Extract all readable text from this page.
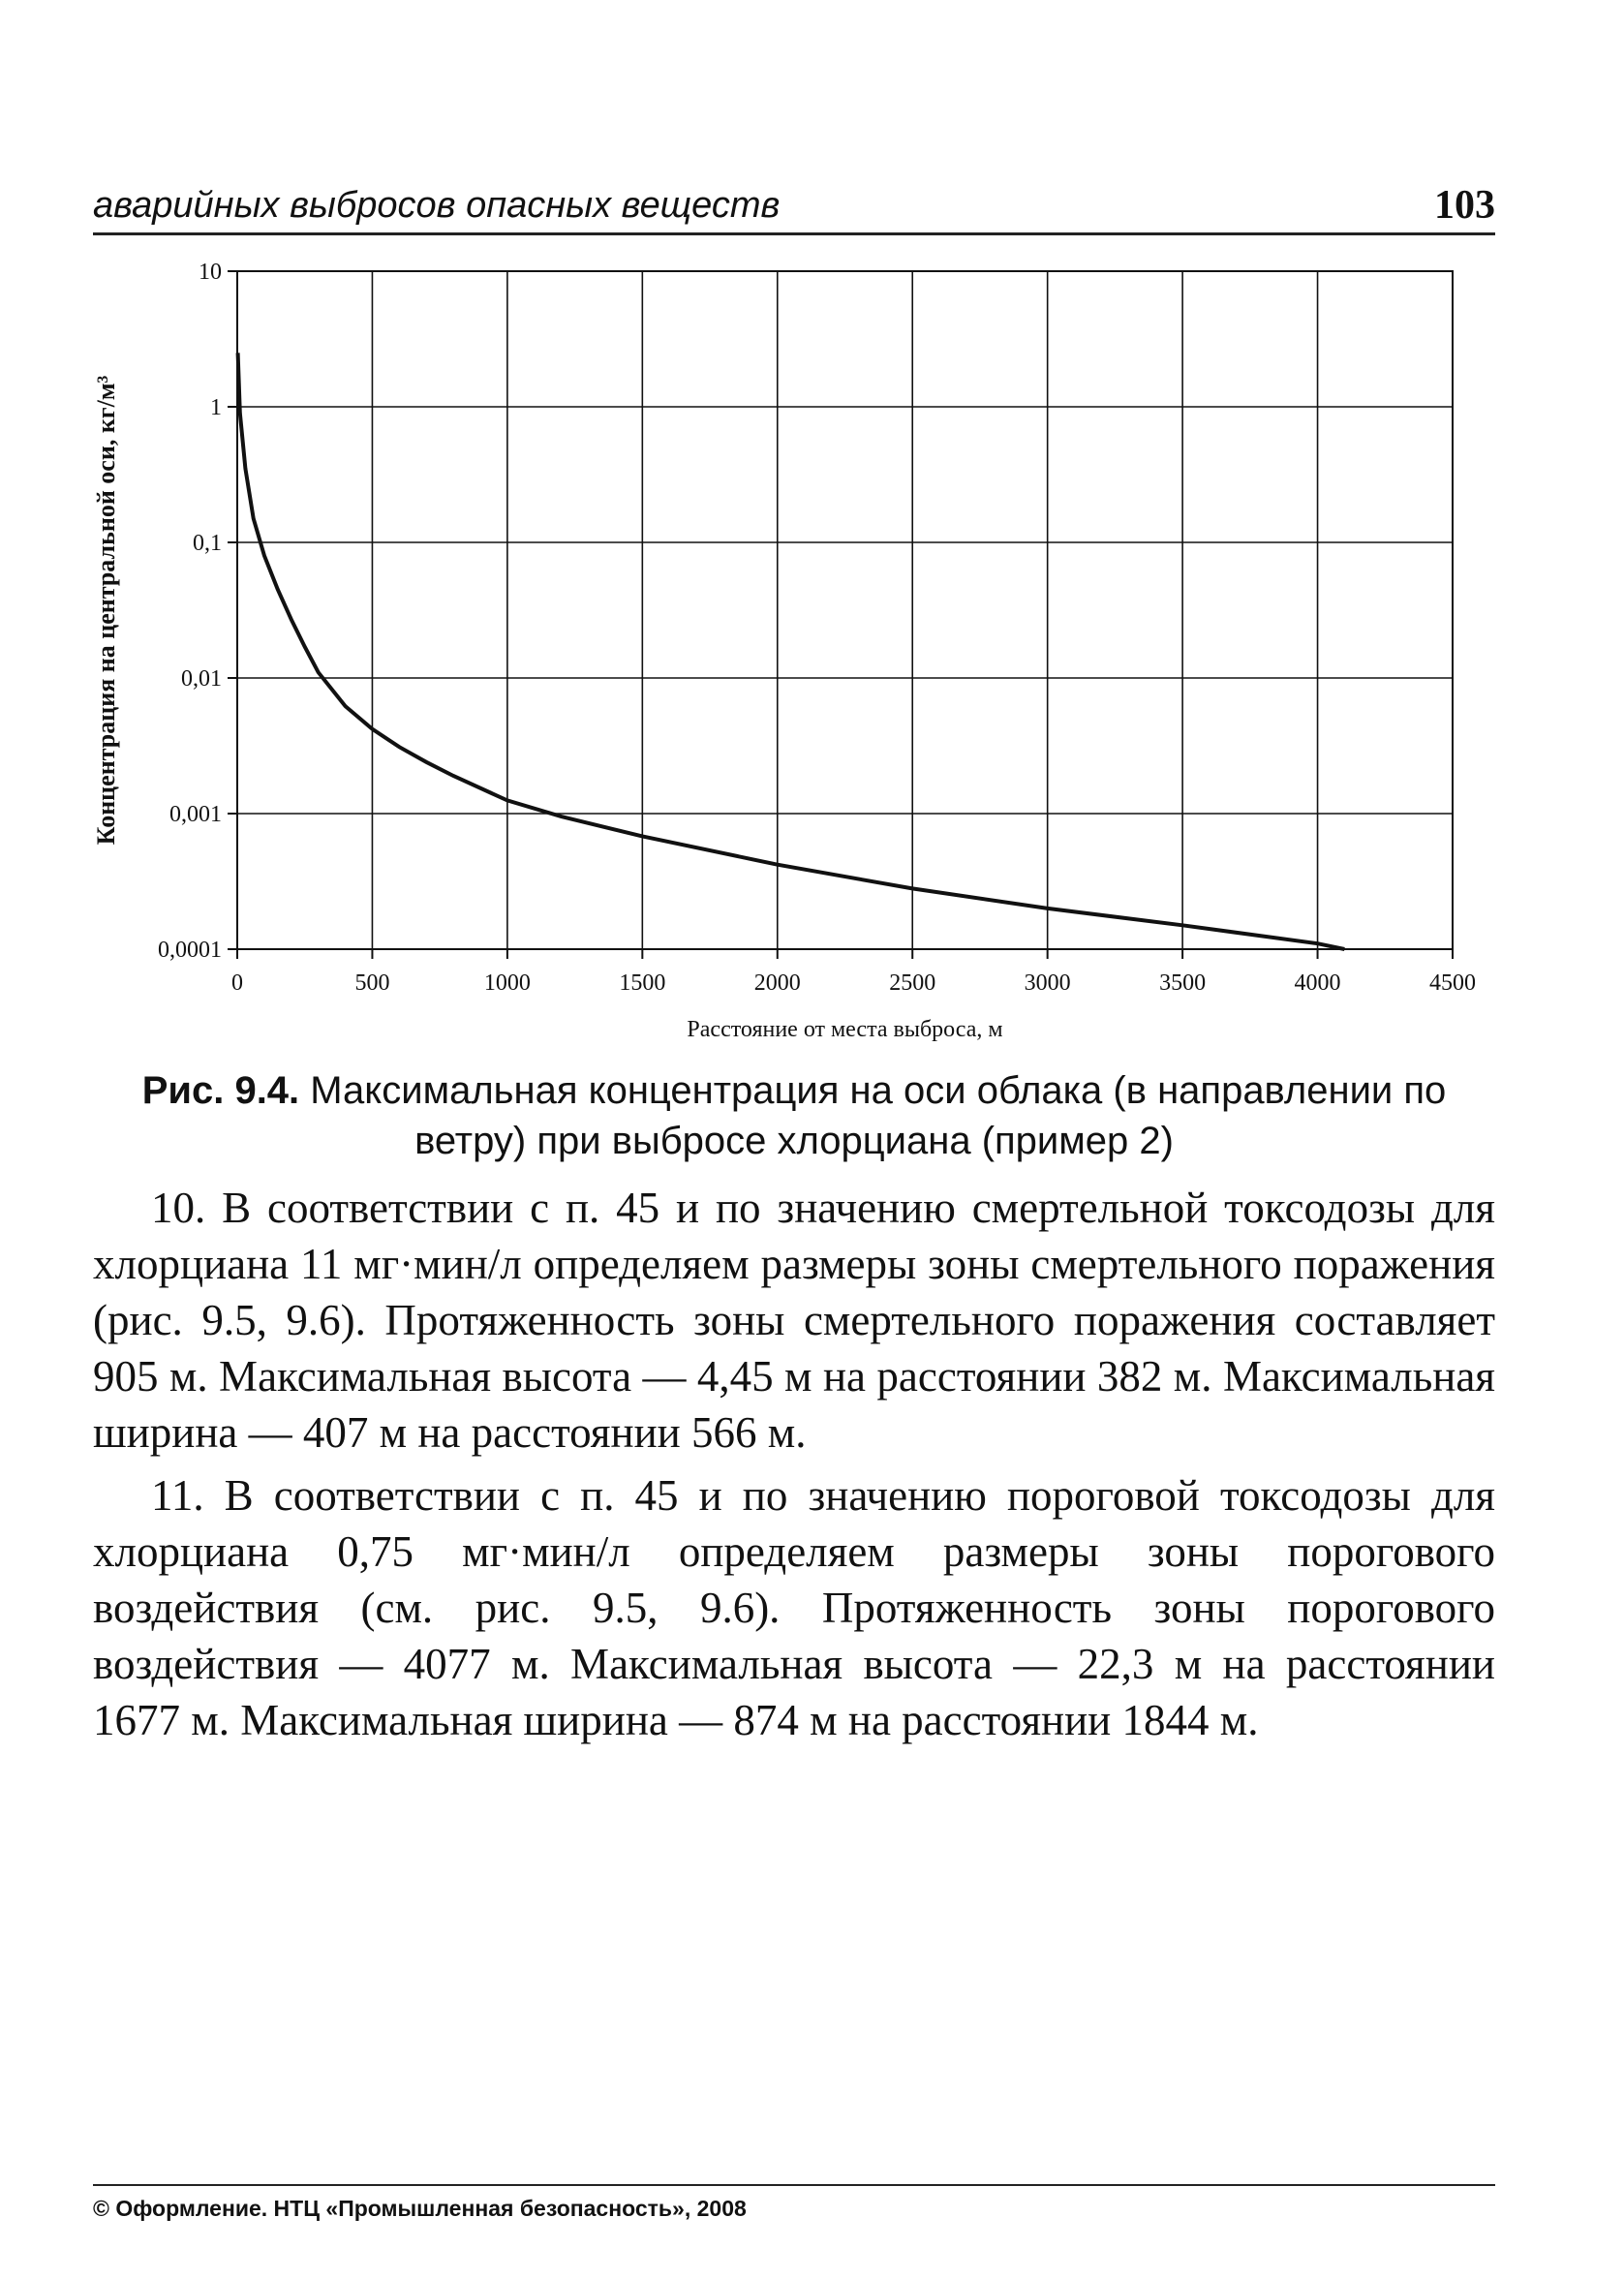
аварийных выбросов опасных веществ	103
0,0001
0,001
0,01
0,1
1
10
0	500	1000	1500	2000	2500	3000	3500	4000	4500
Расстояние от места выброса, м
Концентрация на центральной оси, кг/м³
Рис. 9.4. Максимальная концентрация на оси облака (в направлении по ветру) при выбросе хлорциана (пример 2)

10. В соответствии с п. 45 и по значению смертельной токсодозы для хлорциана 11 мг·мин/л определяем размеры зоны смертельного поражения (рис. 9.5, 9.6). Протяженность зоны смертельного поражения составляет 905 м. Максимальная высота — 4,45 м на расстоянии 382 м. Максимальная ширина — 407 м на расстоянии 566 м.

11. В соответствии с п. 45 и по значению пороговой токсодозы для хлорциана 0,75 мг·мин/л определяем размеры зоны порогового воздействия (см. рис. 9.5, 9.6). Протяженность зоны порогового воздействия — 4077 м. Максимальная высота — 22,3 м на расстоянии 1677 м. Максимальная ширина — 874 м на расстоянии 1844 м.

© Оформление. НТЦ «Промышленная безопасность», 2008
